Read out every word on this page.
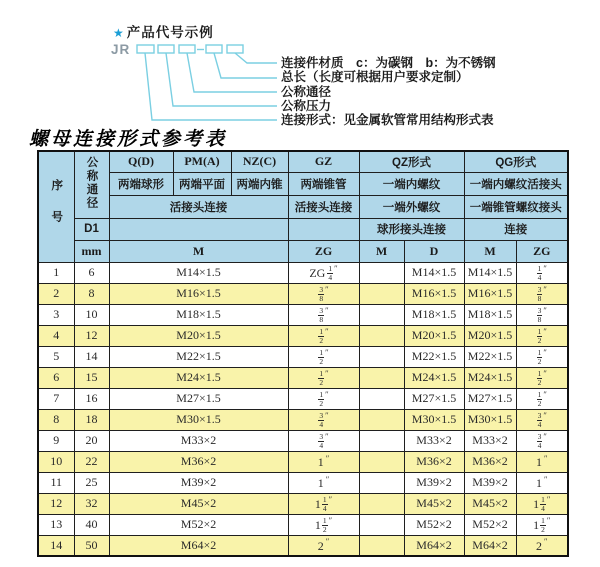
★ 产品代号示例
JR
连接件材质　c：为碳钢　b：为不锈钢
总长（长度可根据用户要求定制）
公称通径
公称压力
连接形式：见金属软管常用结构形式表
螺母连接形式参考表
序号	公称通径	Q(D)	PM(A)	NZ(C)	GZ	QZ形式		QG形式	
		两端球形	两端平面	两端内锥	两端锥管	一端内螺纹		一端内螺纹活接头	
		活接头连接			活接头连接	一端外螺纹		一端锥管螺纹接头	
	D1					球形接头连接		连接	
	mm	M			ZG	M	D	M	ZG
1	6	M14×1.5			ZG $\frac{1}{4} ''$		M14×1.5	M14×1.5	$\frac{1}{4} ''$
2	8	M16×1.5			$\frac{3}{8} ''$		M16×1.5	M16×1.5	$\frac{3}{8} ''$
3	10	M18×1.5			$\frac{3}{8} ''$		M18×1.5	M18×1.5	$\frac{3}{8} ''$
4	12	M20×1.5			$\frac{1}{2} ''$		M20×1.5	M20×1.5	$\frac{1}{2} ''$
5	14	M22×1.5			$\frac{1}{2} ''$		M22×1.5	M22×1.5	$\frac{1}{2} ''$
6	15	M24×1.5			$\frac{1}{2} ''$		M24×1.5	M24×1.5	$\frac{1}{2} ''$
7	16	M27×1.5			$\frac{1}{2} ''$		M27×1.5	M27×1.5	$\frac{1}{2} ''$
8	18	M30×1.5			$\frac{3}{4} ''$		M30×1.5	M30×1.5	$\frac{3}{4} ''$
9	20	M33×2			$\frac{3}{4} ''$		M33×2	M33×2	$\frac{3}{4} ''$
10	22	M36×2			1 ″		M36×2	M36×2	1 ″
11	25	M39×2			1 ″		M39×2	M39×2	1 ″
12	32	M45×2			$1 \frac{1}{4} ''$		M45×2	M45×2	$1 \frac{1}{4} ''$
13	40	M52×2			$1 \frac{1}{2} ''$		M52×2	M52×2	$1 \frac{1}{2} ''$
14	50	M64×2			2 ″		M64×2	M64×2	2 ″
